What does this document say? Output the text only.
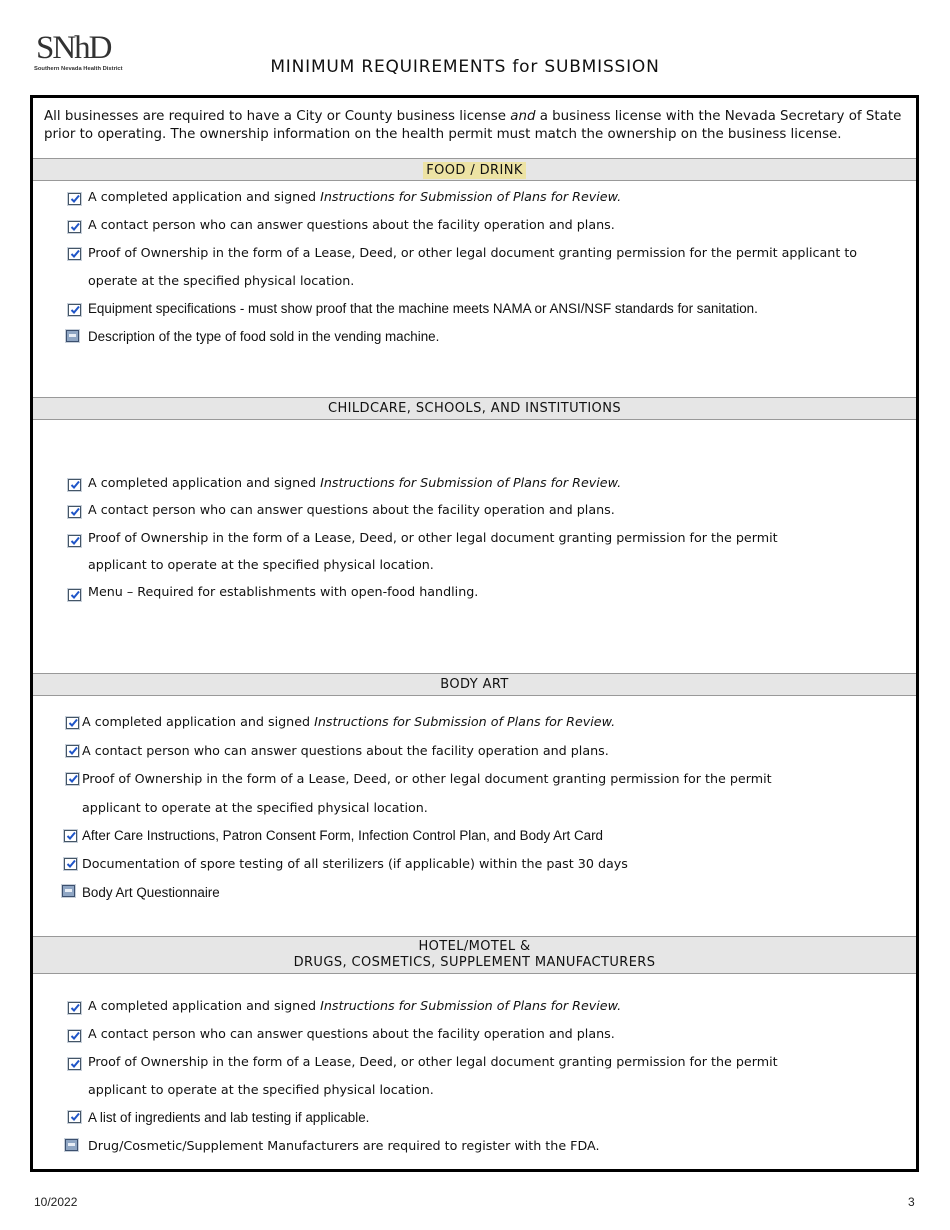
SNhD
Southern Nevada Health District	MINIMUM REQUIREMENTS for SUBMISSION
All businesses are required to have a City or County business license and a business license with the Nevada Secretary of State prior to operating. The ownership information on the health permit must match the ownership on the business license.
FOOD / DRINK
A completed application and signed Instructions for Submission of Plans for Review.
A contact person who can answer questions about the facility operation and plans.
Proof of Ownership in the form of a Lease, Deed, or other legal document granting permission for the permit applicant to
operate at the specified physical location.
Equipment specifications - must show proof that the machine meets NAMA or ANSI/NSF standards for sanitation.
Description of the type of food sold in the vending machine.
CHILDCARE, SCHOOLS, AND INSTITUTIONS
A completed application and signed Instructions for Submission of Plans for Review.
A contact person who can answer questions about the facility operation and plans.
Proof of Ownership in the form of a Lease, Deed, or other legal document granting permission for the permit
applicant to operate at the specified physical location.
Menu – Required for establishments with open-food handling.
BODY ART
A completed application and signed Instructions for Submission of Plans for Review.
A contact person who can answer questions about the facility operation and plans.
Proof of Ownership in the form of a Lease, Deed, or other legal document granting permission for the permit
applicant to operate at the specified physical location.
After Care Instructions, Patron Consent Form, Infection Control Plan, and Body Art Card
Documentation of spore testing of all sterilizers (if applicable) within the past 30 days
Body Art Questionnaire
HOTEL/MOTEL &
DRUGS, COSMETICS, SUPPLEMENT MANUFACTURERS
A completed application and signed Instructions for Submission of Plans for Review.
A contact person who can answer questions about the facility operation and plans.
Proof of Ownership in the form of a Lease, Deed, or other legal document granting permission for the permit
applicant to operate at the specified physical location.
A list of ingredients and lab testing if applicable.
Drug/Cosmetic/Supplement Manufacturers are required to register with the FDA.
10/2022	3
